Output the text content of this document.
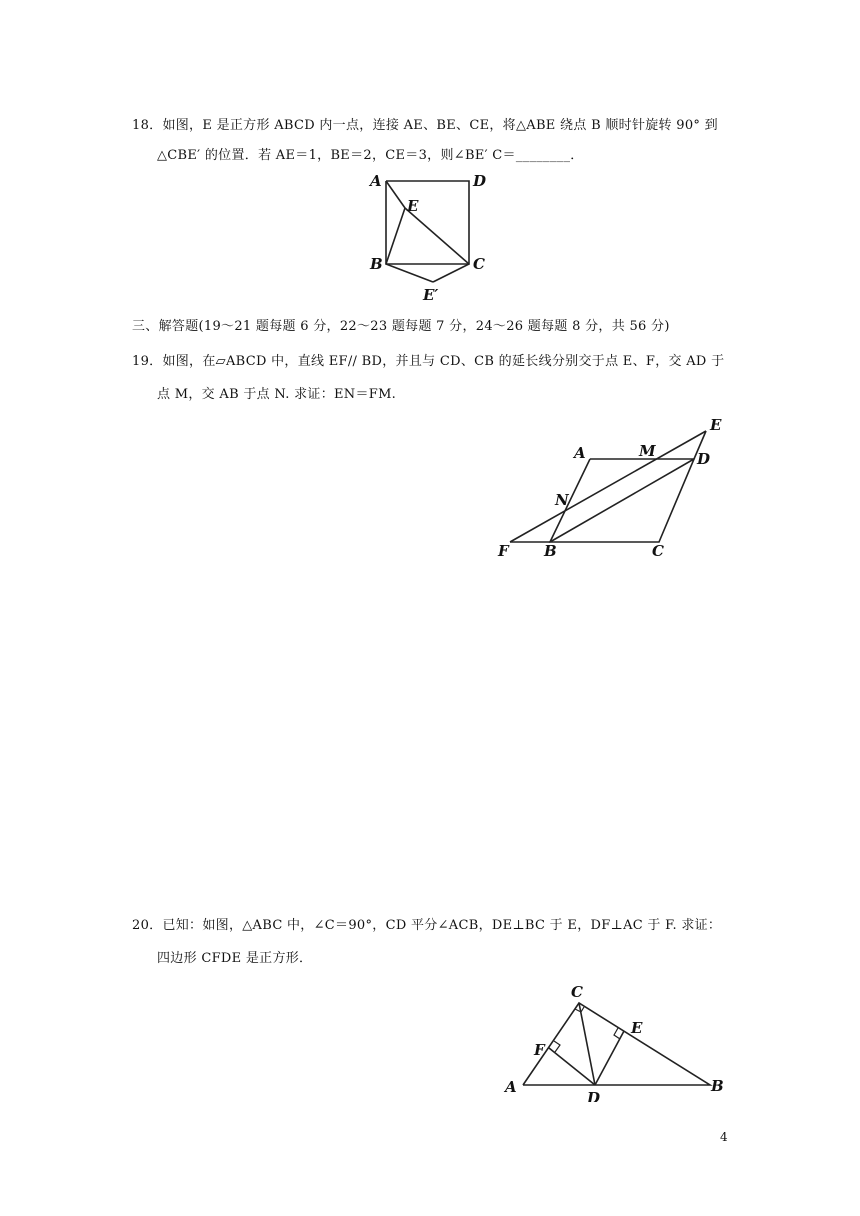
18．如图，E 是正方形 ABCD 内一点，连接 AE、BE、CE，将△ABE 绕点 B 顺时针旋转 90° 到
△CBE′ 的位置．若 AE＝1，BE＝2，CE＝3，则∠BE′ C＝________．
A	D
E
B	C
E′
三、解答题(19～21 题每题 6 分，22～23 题每题 7 分，24～26 题每题 8 分，共 56 分)
19．如图，在▱ABCD 中，直线 EF// BD，并且与 CD、CB 的延长线分别交于点 E、F，交 AD 于
点 M，交 AB 于点 N. 求证：EN＝FM.
A	M
E
D
N
F B	C
20．已知：如图，△ABC 中，∠C＝90°，CD 平分∠ACB，DE⊥BC 于 E，DF⊥AC 于 F. 求证：
四边形 CFDE 是正方形．
C
E
F
A
D
B
4
